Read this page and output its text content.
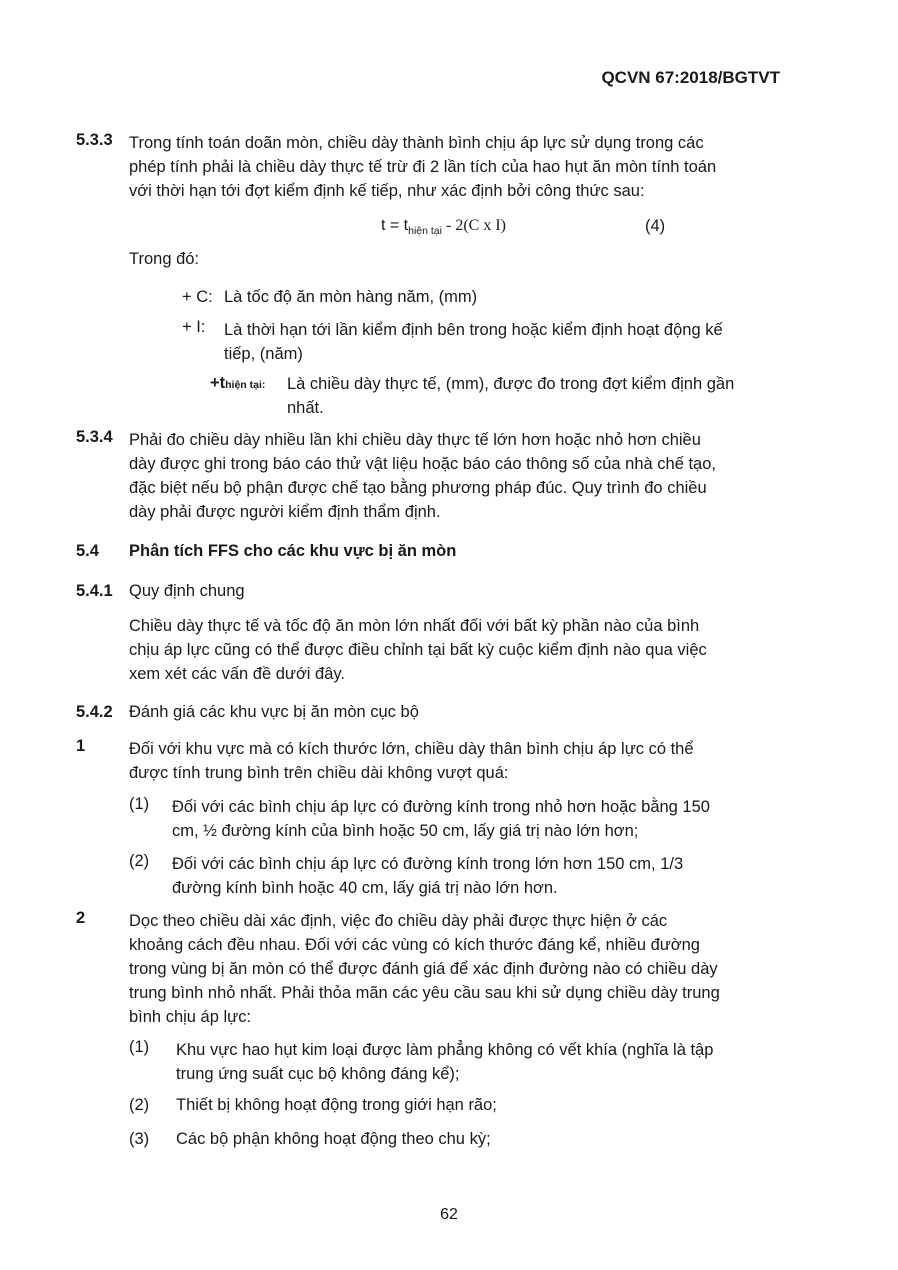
QCVN 67:2018/BGTVT
5.3.3 Trong tính toán doãn mòn, chiều dày thành bình chịu áp lực sử dụng trong các
phép tính phải là chiều dày thực tế trừ đi 2 lần tích của hao hụt ăn mòn tính toán
với thời hạn tới đợt kiểm định kế tiếp, như xác định bởi công thức sau:
$t = t_{hiện tại} - 2(C$ x I)	(4)
Trong đó:
+ C: Là tốc độ ăn mòn hàng năm, (mm)
+ I: Là thời hạn tới lần kiểm định bên trong hoặc kiểm định hoạt động kế
tiếp, (năm)
+thiện tại: Là chiều dày thực tế, (mm), được đo trong đợt kiểm định gần
nhất.
5.3.4 Phải đo chiều dày nhiều lần khi chiều dày thực tế lớn hơn hoặc nhỏ hơn chiều
dày được ghi trong báo cáo thử vật liệu hoặc báo cáo thông số của nhà chế tạo,
đặc biệt nếu bộ phận được chế tạo bằng phương pháp đúc. Quy trình đo chiều
dày phải được người kiểm định thẩm định.
5.4 Phân tích FFS cho các khu vực bị ăn mòn
5.4.1 Quy định chung
Chiều dày thực tế và tốc độ ăn mòn lớn nhất đối với bất kỳ phần nào của bình
chịu áp lực cũng có thể được điều chỉnh tại bất kỳ cuộc kiểm định nào qua việc
xem xét các vấn đề dưới đây.
5.4.2 Đánh giá các khu vực bị ăn mòn cục bộ
1	Đối với khu vực mà có kích thước lớn, chiều dày thân bình chịu áp lực có thể
được tính trung bình trên chiều dài không vượt quá:
(1) Đối với các bình chịu áp lực có đường kính trong nhỏ hơn hoặc bằng 150
cm, ½ đường kính của bình hoặc 50 cm, lấy giá trị nào lớn hơn;
(2) Đối với các bình chịu áp lực có đường kính trong lớn hơn 150 cm, 1/3
đường kính bình hoặc 40 cm, lấy giá trị nào lớn hơn.
2	Dọc theo chiều dài xác định, việc đo chiều dày phải được thực hiện ở các
khoảng cách đều nhau. Đối với các vùng có kích thước đáng kể, nhiều đường
trong vùng bị ăn mòn có thể được đánh giá để xác định đường nào có chiều dày
trung bình nhỏ nhất. Phải thỏa mãn các yêu cầu sau khi sử dụng chiều dày trung
bình chịu áp lực:
(1) Khu vực hao hụt kim loại được làm phẳng không có vết khía (nghĩa là tập
trung ứng suất cục bộ không đáng kể);
(2) Thiết bị không hoạt động trong giới hạn rão;
(3) Các bộ phận không hoạt động theo chu kỳ;
62
